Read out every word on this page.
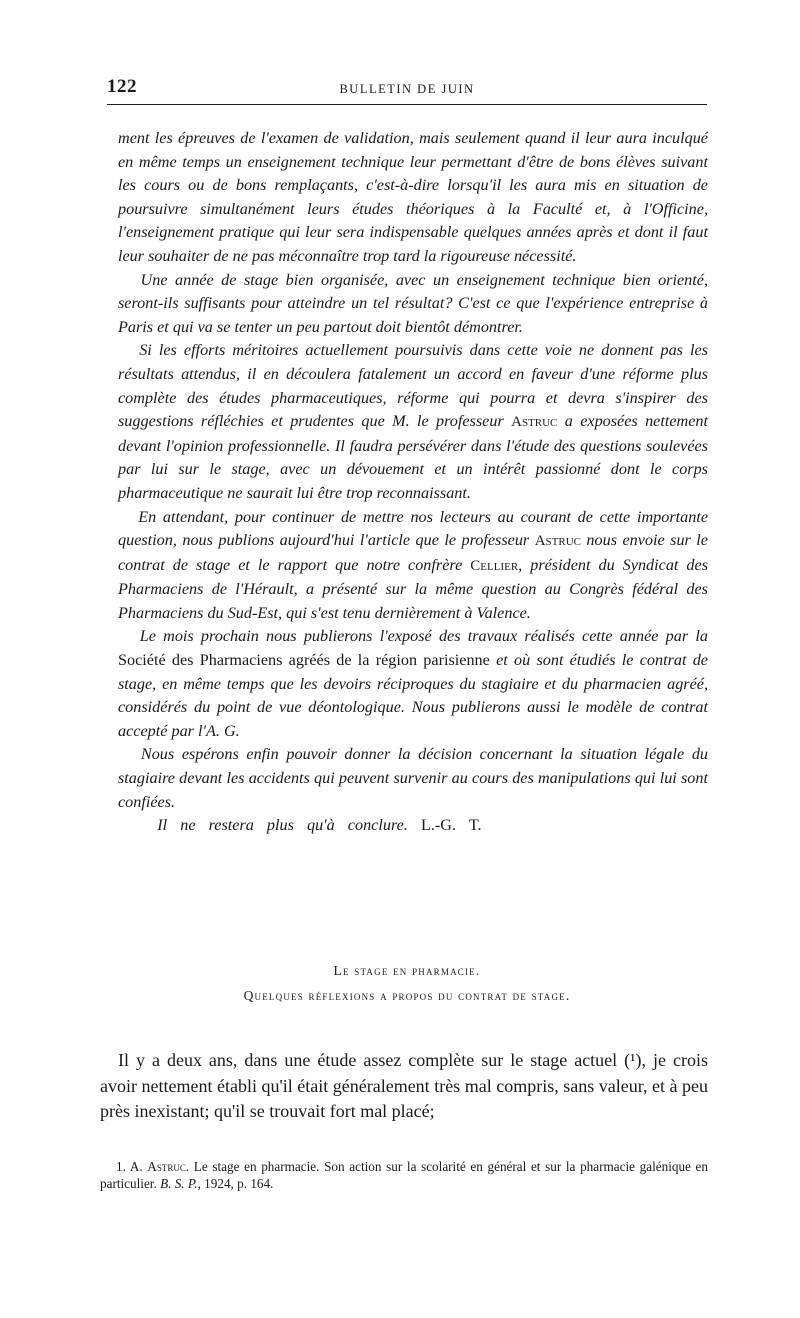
122	BULLETIN DE JUIN

ment les épreuves de l'examen de validation, mais seulement quand il leur aura inculqué en même temps un enseignement technique leur permettant d'être de bons élèves suivant les cours ou de bons remplaçants, c'est-à-dire lorsqu'il les aura mis en situation de poursuivre simultanément leurs études théoriques à la Faculté et, à l'Officine, l'enseignement pratique qui leur sera indispensable quelques années après et dont il faut leur souhaiter de ne pas méconnaître trop tard la rigoureuse nécessité.

Une année de stage bien organisée, avec un enseignement technique bien orienté, seront-ils suffisants pour atteindre un tel résultat? C'est ce que l'expérience entreprise à Paris et qui va se tenter un peu partout doit bientôt démontrer.

Si les efforts méritoires actuellement poursuivis dans cette voie ne donnent pas les résultats attendus, il en découlera fatalement un accord en faveur d'une réforme plus complète des études pharmaceutiques, réforme qui pourra et devra s'inspirer des suggestions réfléchies et prudentes que M. le professeur Astruc a exposées nettement devant l'opinion professionnelle. Il faudra persévérer dans l'étude des questions soulevées par lui sur le stage, avec un dévouement et un intérêt passionné dont le corps pharmaceutique ne saurait lui être trop reconnaissant.

En attendant, pour continuer de mettre nos lecteurs au courant de cette importante question, nous publions aujourd'hui l'article que le professeur Astruc nous envoie sur le contrat de stage et le rapport que notre confrère Cellier, président du Syndicat des Pharmaciens de l'Hérault, a présenté sur la même question au Congrès fédéral des Pharmaciens du Sud-Est, qui s'est tenu dernièrement à Valence.

Le mois prochain nous publierons l'exposé des travaux réalisés cette année par la Société des Pharmaciens agréés de la région parisienne et où sont étudiés le contrat de stage, en même temps que les devoirs réciproques du stagiaire et du pharmacien agréé, considérés du point de vue déontologique. Nous publierons aussi le modèle de contrat accepté par l'A. G.

Nous espérons enfin pouvoir donner la décision concernant la situation légale du stagiaire devant les accidents qui peuvent survenir au cours des manipulations qui lui sont confiées.

Il ne restera plus qu'à conclure. L.-G. T.

Le stage en pharmacie.
Quelques réflexions a propos du contrat de stage.

Il y a deux ans, dans une étude assez complète sur le stage actuel (¹), je crois avoir nettement établi qu'il était généralement très mal compris, sans valeur, et à peu près inexistant; qu'il se trouvait fort mal placé;

1. A. Astruc. Le stage en pharmacie. Son action sur la scolarité en général et sur la pharmacie galénique en particulier. B. S. P., 1924, p. 164.
